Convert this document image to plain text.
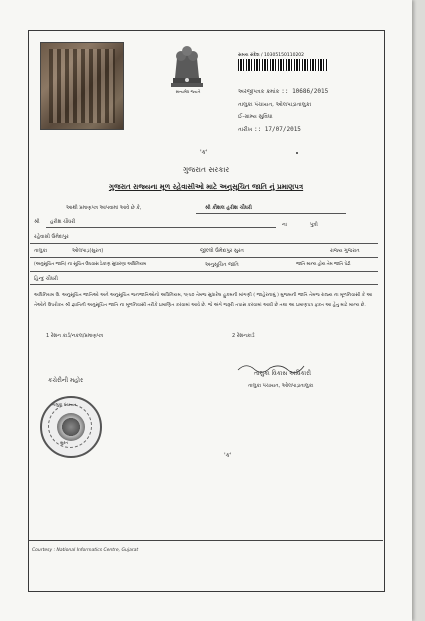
સત્યમેવ જયતે
સમય સંદેશ / 10305150110202
અરજીપત્રક ક્રમાંક :: 10686/2015
તાલુકા પંચાયત, ઓલપાડ઼ાતાલુકા
ઈ-ગ્રામ્ય સુવિધા
તારીખ :: 17/07/2015
'ક'
ગુજરાત સરકાર
ગુજરાત રાજ્યના મૂળ રહેવાસીઓ માટે અનુસૂચિત જાતિ નું પ્રમાણપત્ર
આથી પ્રમાણપત્ર આપવામાં આવે છે કે,	શ્રી કૌશલ હરીશ ચૌધરી
શ્રી હરીશ ચૌધરી	ના	પુત્રી
રહેવાસી ઉમેદાપુર
તાલુકા	ઓલપાડ઼(સુરત)	જીલ્લો ઉમેદાપુર સુરત	રાજ્ય ગુજરાત
(અનુસૂચિત જાતિ) ના સૂચિત ઉપવાસ ઠેકાણ સુધારણા અધિનિયમ	અનુસૂચિત જાતિ	જાતિ માન્ય હોય તેમ જાતિ પેઢી
હિન્દુ ચૌધરી
અધિનિયમ ઉ. અનુસૂચિત જાતિઓ અને અનુસૂચિત જનજાતિઓનો અધિનિયમ, ૧૯૫૦ તેમજ સુધારેલ હુકમની માંગણી ( જાહેરનામું ) મુજબની જાતિ તેમજ રાજ્ય ના મૂળનિવાસી કે આ તેઓને ઉપરોક્ત શ્રી જ્ઞાતિની અનુસૂચિત જાતિ ના મૂળનિવાસી તરીકે પ્રમાણિત કરવામાં આવે છે. જે અંગે જરૂરી તપાસ કરવામાં આવી છે તથા આ પ્રમાણપત્ર ફક્ત આ હેતુ માટે માન્ય છે.
1 રેશન કાર્ડ/નકલ/પ્રમાણપત્ર	2 રેશનકાર્ડ
તાલુકા વિકાસ અધિકારી
તાલુકા પંચાયત, ઓલપાડ઼ાતાલુકા
કચેરીની મહોર
તાલુકા પંચાયત
સુરત
'ક'
Courtesy : National Informatics Centre, Gujarat
